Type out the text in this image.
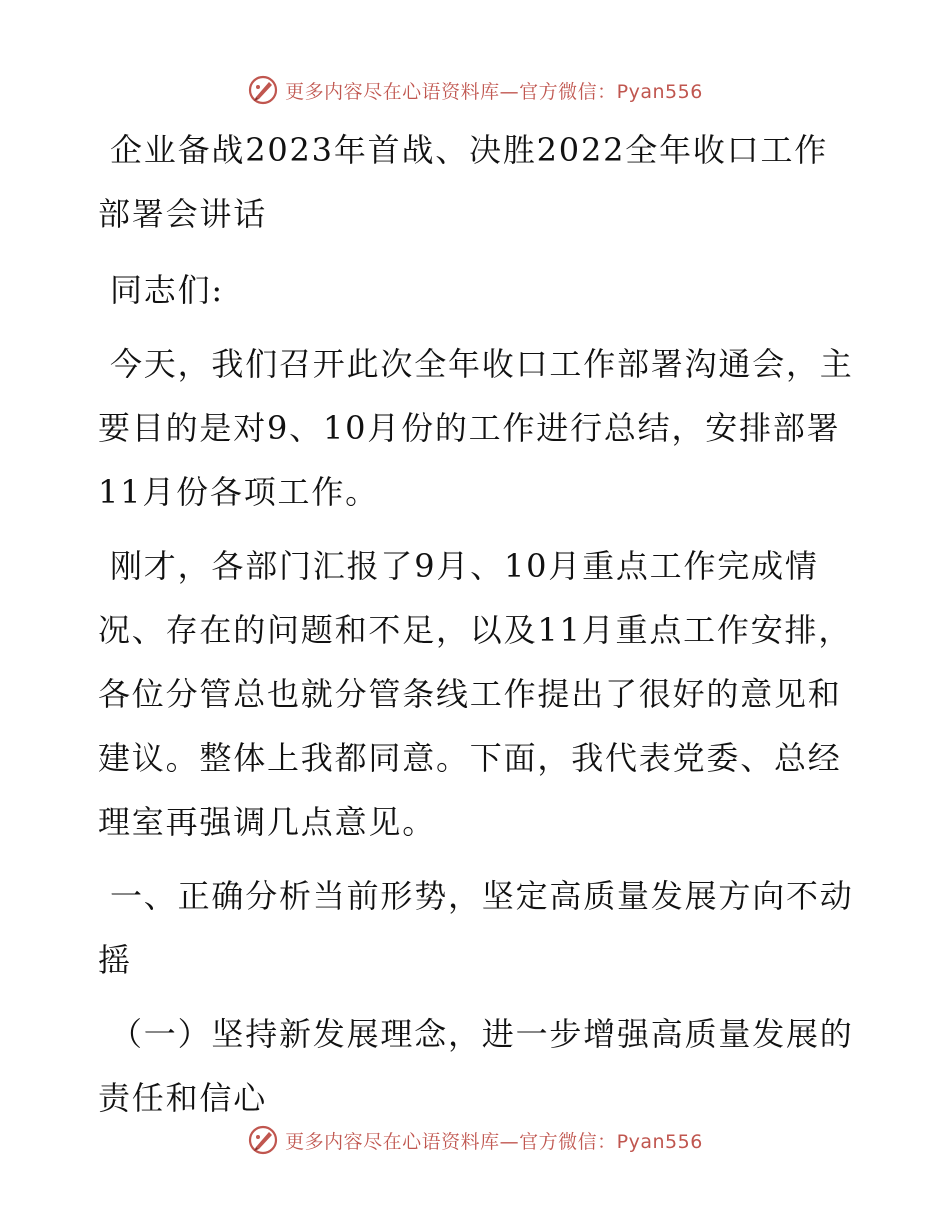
更多内容尽在心语资料库—官方微信：Pyan556

企业备战2023年首战、决胜2022全年收口工作部署会讲话

同志们:

今天，我们召开此次全年收口工作部署沟通会，主要目的是对9、10月份的工作进行总结，安排部署11月份各项工作。

刚才，各部门汇报了9月、10月重点工作完成情况、存在的问题和不足，以及11月重点工作安排，各位分管总也就分管条线工作提出了很好的意见和建议。整体上我都同意。下面，我代表党委、总经理室再强调几点意见。

一、正确分析当前形势，坚定高质量发展方向不动摇

（一）坚持新发展理念，进一步增强高质量发展的责任和信心

更多内容尽在心语资料库—官方微信：Pyan556
